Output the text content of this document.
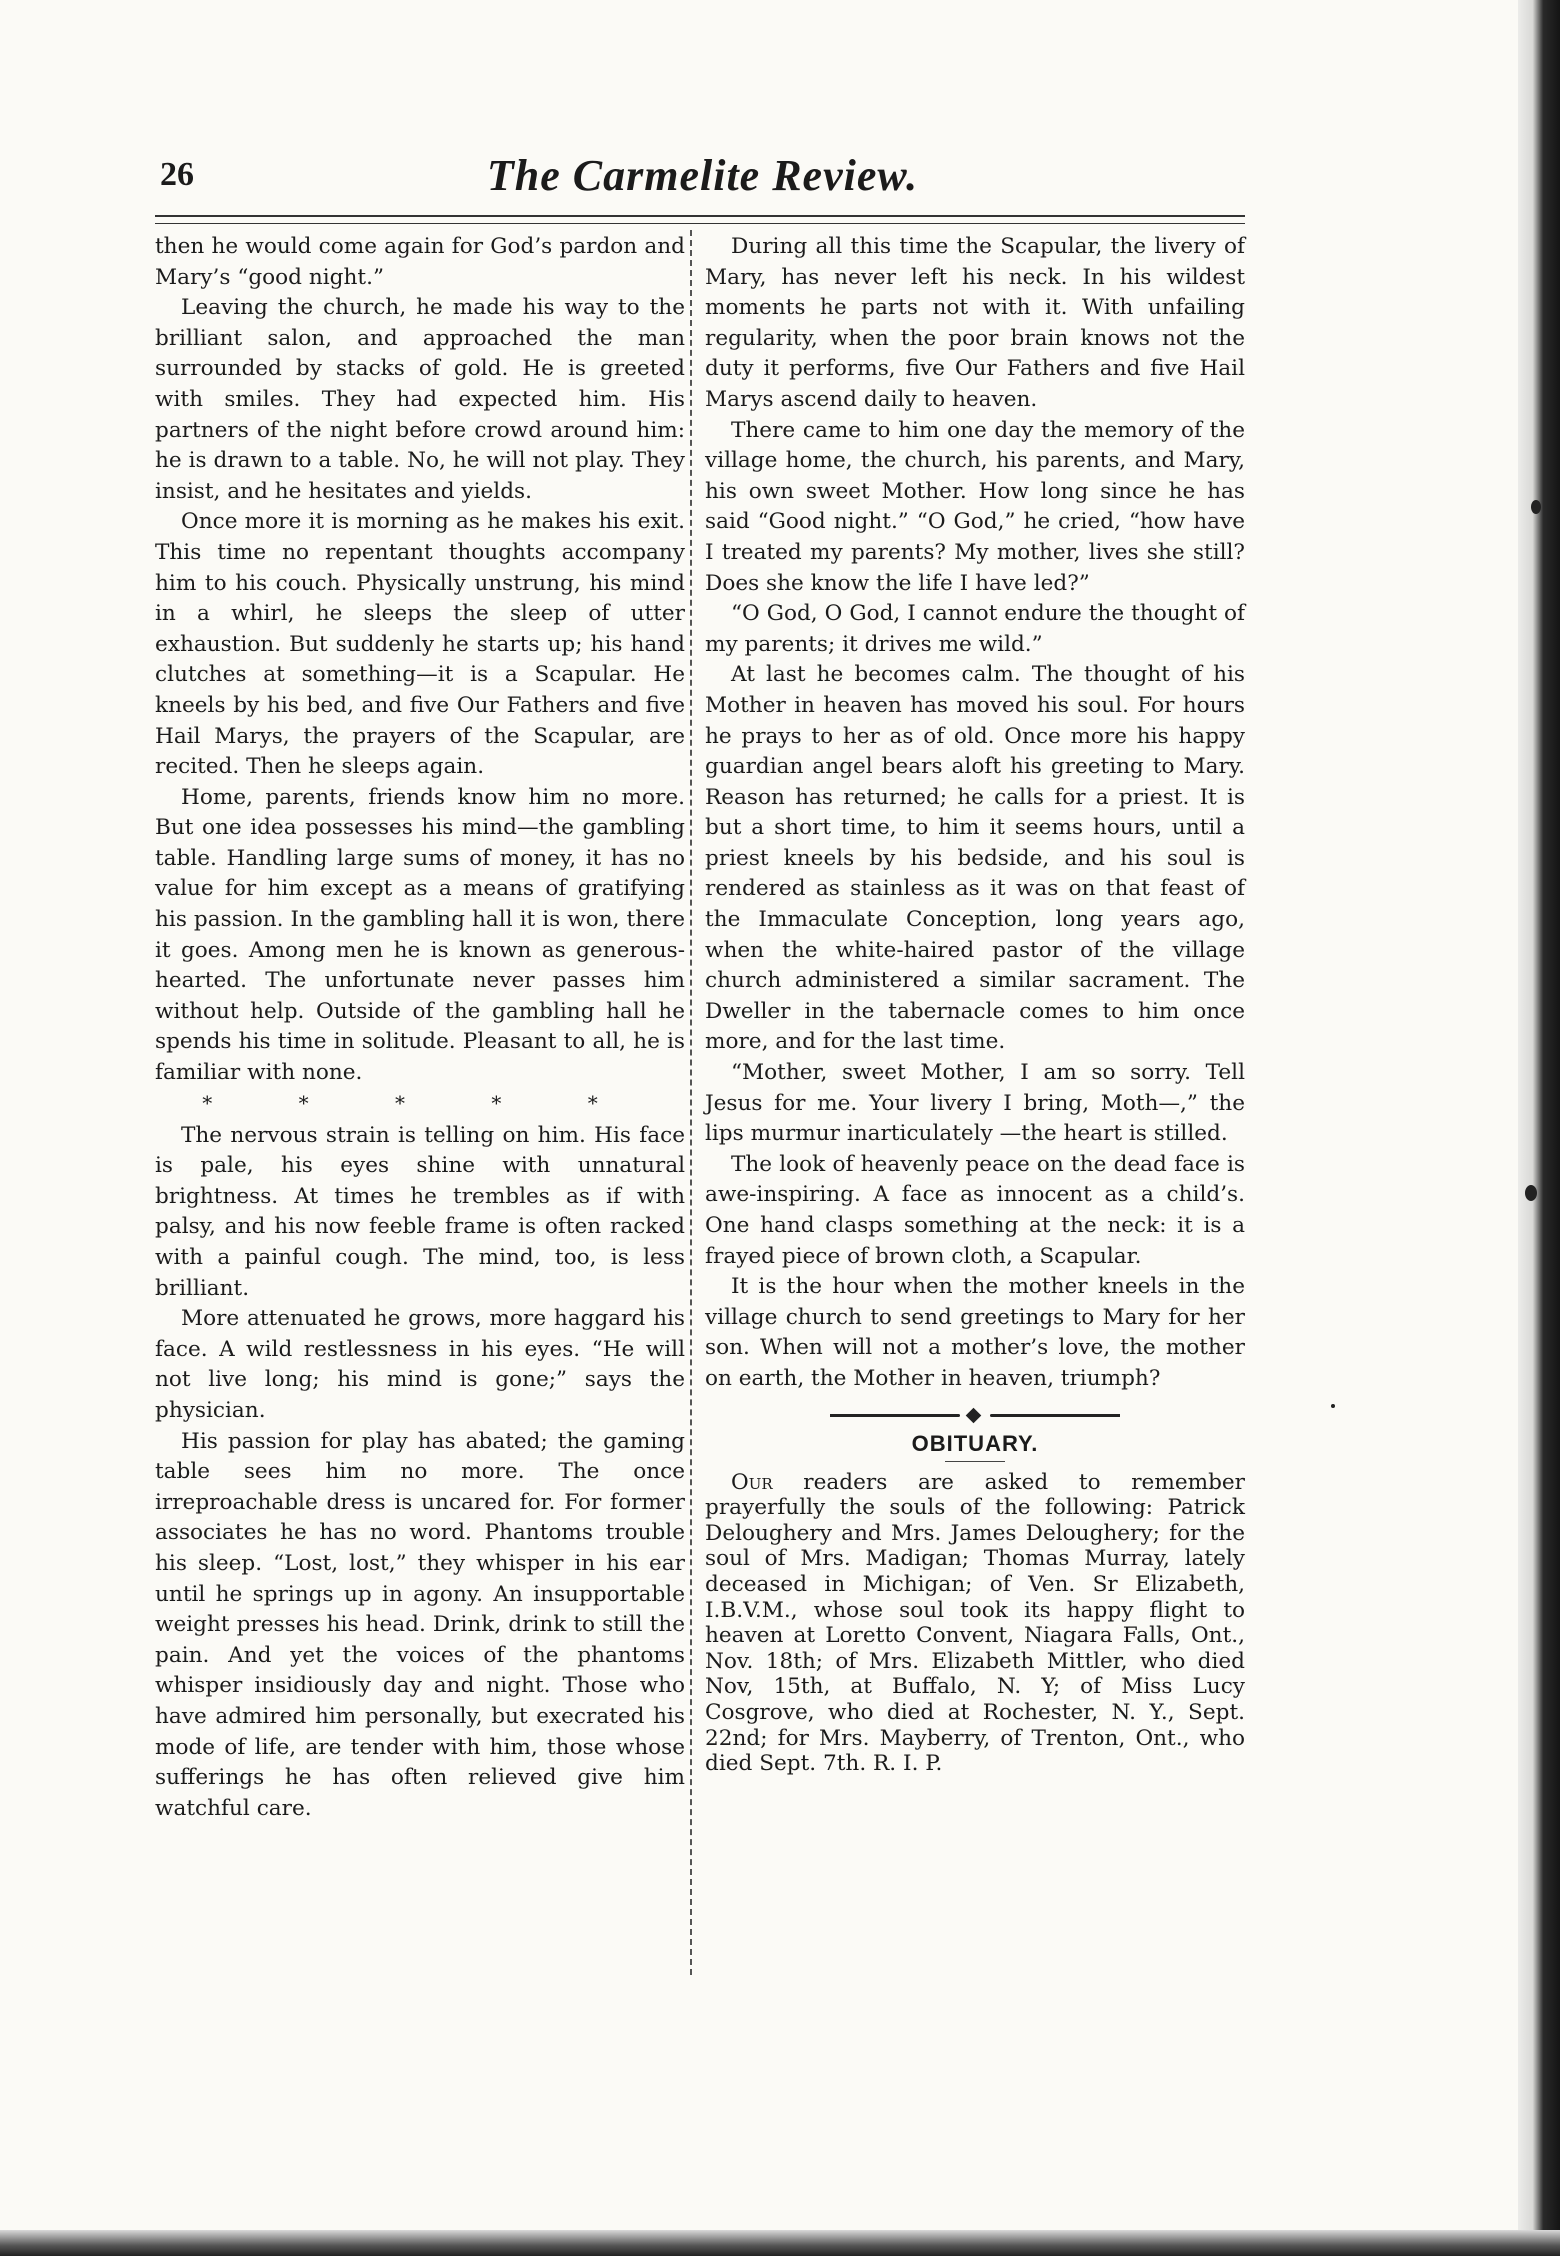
26	The Carmelite Review.

then he would come again for God’s pardon and Mary’s “good night.”

Leaving the church, he made his way to the brilliant salon, and approached the man surrounded by stacks of gold. He is greeted with smiles. They had expected him. His partners of the night before crowd around him: he is drawn to a table. No, he will not play. They insist, and he hesitates and yields.

Once more it is morning as he makes his exit. This time no repentant thoughts accompany him to his couch. Physically unstrung, his mind in a whirl, he sleeps the sleep of utter exhaustion. But suddenly he starts up; his hand clutches at something—it is a Scapular. He kneels by his bed, and five Our Fathers and five Hail Marys, the prayers of the Scapular, are recited. Then he sleeps again.

Home, parents, friends know him no more. But one idea possesses his mind—the gambling table. Handling large sums of money, it has no value for him except as a means of gratifying his passion. In the gambling hall it is won, there it goes. Among men he is known as generous-hearted. The unfortunate never passes him without help. Outside of the gambling hall he spends his time in solitude. Pleasant to all, he is familiar with none.

* * * * *

The nervous strain is telling on him. His face is pale, his eyes shine with unnatural brightness. At times he trembles as if with palsy, and his now feeble frame is often racked with a painful cough. The mind, too, is less brilliant.

More attenuated he grows, more haggard his face. A wild restlessness in his eyes. “He will not live long; his mind is gone;” says the physician.

His passion for play has abated; the gaming table sees him no more. The once irreproachable dress is uncared for. For former associates he has no word. Phantoms trouble his sleep. “Lost, lost,” they whisper in his ear until he springs up in agony. An insupportable weight presses his head. Drink, drink to still the pain. And yet the voices of the phantoms whisper insidiously day and night. Those who have admired him personally, but execrated his mode of life, are tender with him, those whose sufferings he has often relieved give him watchful care.

During all this time the Scapular, the livery of Mary, has never left his neck. In his wildest moments he parts not with it. With unfailing regularity, when the poor brain knows not the duty it performs, five Our Fathers and five Hail Marys ascend daily to heaven.

There came to him one day the memory of the village home, the church, his parents, and Mary, his own sweet Mother. How long since he has said “Good night.” “O God,” he cried, “how have I treated my parents? My mother, lives she still? Does she know the life I have led?”

“O God, O God, I cannot endure the thought of my parents; it drives me wild.”

At last he becomes calm. The thought of his Mother in heaven has moved his soul. For hours he prays to her as of old. Once more his happy guardian angel bears aloft his greeting to Mary. Reason has returned; he calls for a priest. It is but a short time, to him it seems hours, until a priest kneels by his bedside, and his soul is rendered as stainless as it was on that feast of the Immaculate Conception, long years ago, when the white-haired pastor of the village church administered a similar sacrament. The Dweller in the tabernacle comes to him once more, and for the last time.

“Mother, sweet Mother, I am so sorry. Tell Jesus for me. Your livery I bring, Moth—,” the lips murmur inarticulately —the heart is stilled.

The look of heavenly peace on the dead face is awe-inspiring. A face as innocent as a child’s. One hand clasps something at the neck: it is a frayed piece of brown cloth, a Scapular.

It is the hour when the mother kneels in the village church to send greetings to Mary for her son. When will not a mother’s love, the mother on earth, the Mother in heaven, triumph?

OBITUARY.

Our readers are asked to remember prayerfully the souls of the following: Patrick Deloughery and Mrs. James Deloughery; for the soul of Mrs. Madigan; Thomas Murray, lately deceased in Michigan; of Ven. Sr Elizabeth, I.B.V.M., whose soul took its happy flight to heaven at Loretto Convent, Niagara Falls, Ont., Nov. 18th; of Mrs. Elizabeth Mittler, who died Nov, 15th, at Buffalo, N. Y; of Miss Lucy Cosgrove, who died at Rochester, N. Y., Sept. 22nd; for Mrs. Mayberry, of Trenton, Ont., who died Sept. 7th. R. I. P.
